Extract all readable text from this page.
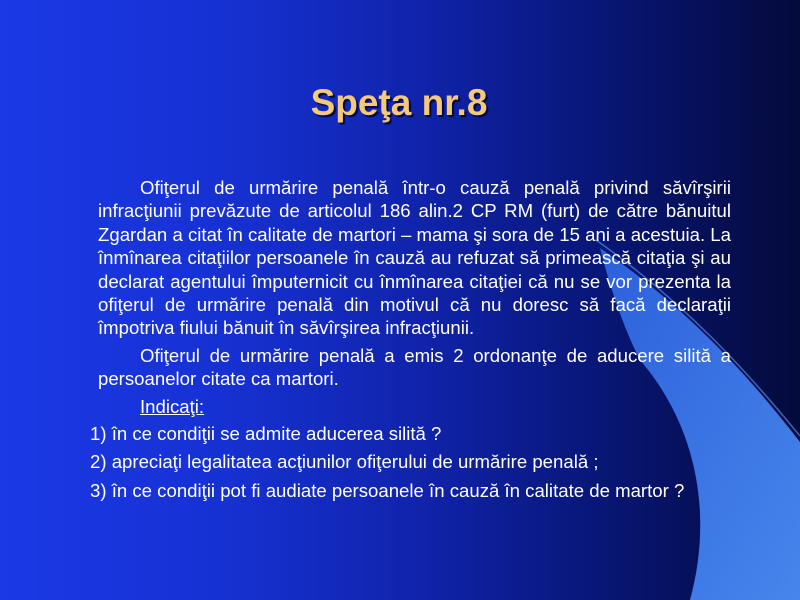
Speţa nr.8

Ofiţerul de urmărire penală într-o cauză penală privind săvîrşirii infracţiunii prevăzute de articolul 186 alin.2 CP RM (furt) de către bănuitul Zgardan a citat în calitate de martori – mama şi sora de 15 ani a acestuia. La înmînarea citaţiilor persoanele în cauză au refuzat să primească citaţia şi au declarat agentului împuternicit cu înmînarea citaţiei că nu se vor prezenta la ofiţerul de urmărire penală din motivul că nu doresc să facă declaraţii împotriva fiului bănuit în săvîrşirea infracţiunii.

Ofiţerul de urmărire penală a emis 2 ordonanţe de aducere silită a persoanelor citate ca martori.

Indicaţi:

1) în ce condiţii se admite aducerea silită ?

2) apreciaţi legalitatea acţiunilor ofiţerului de urmărire penală ;

3) în ce condiţii pot fi audiate persoanele în cauză în calitate de martor ?
